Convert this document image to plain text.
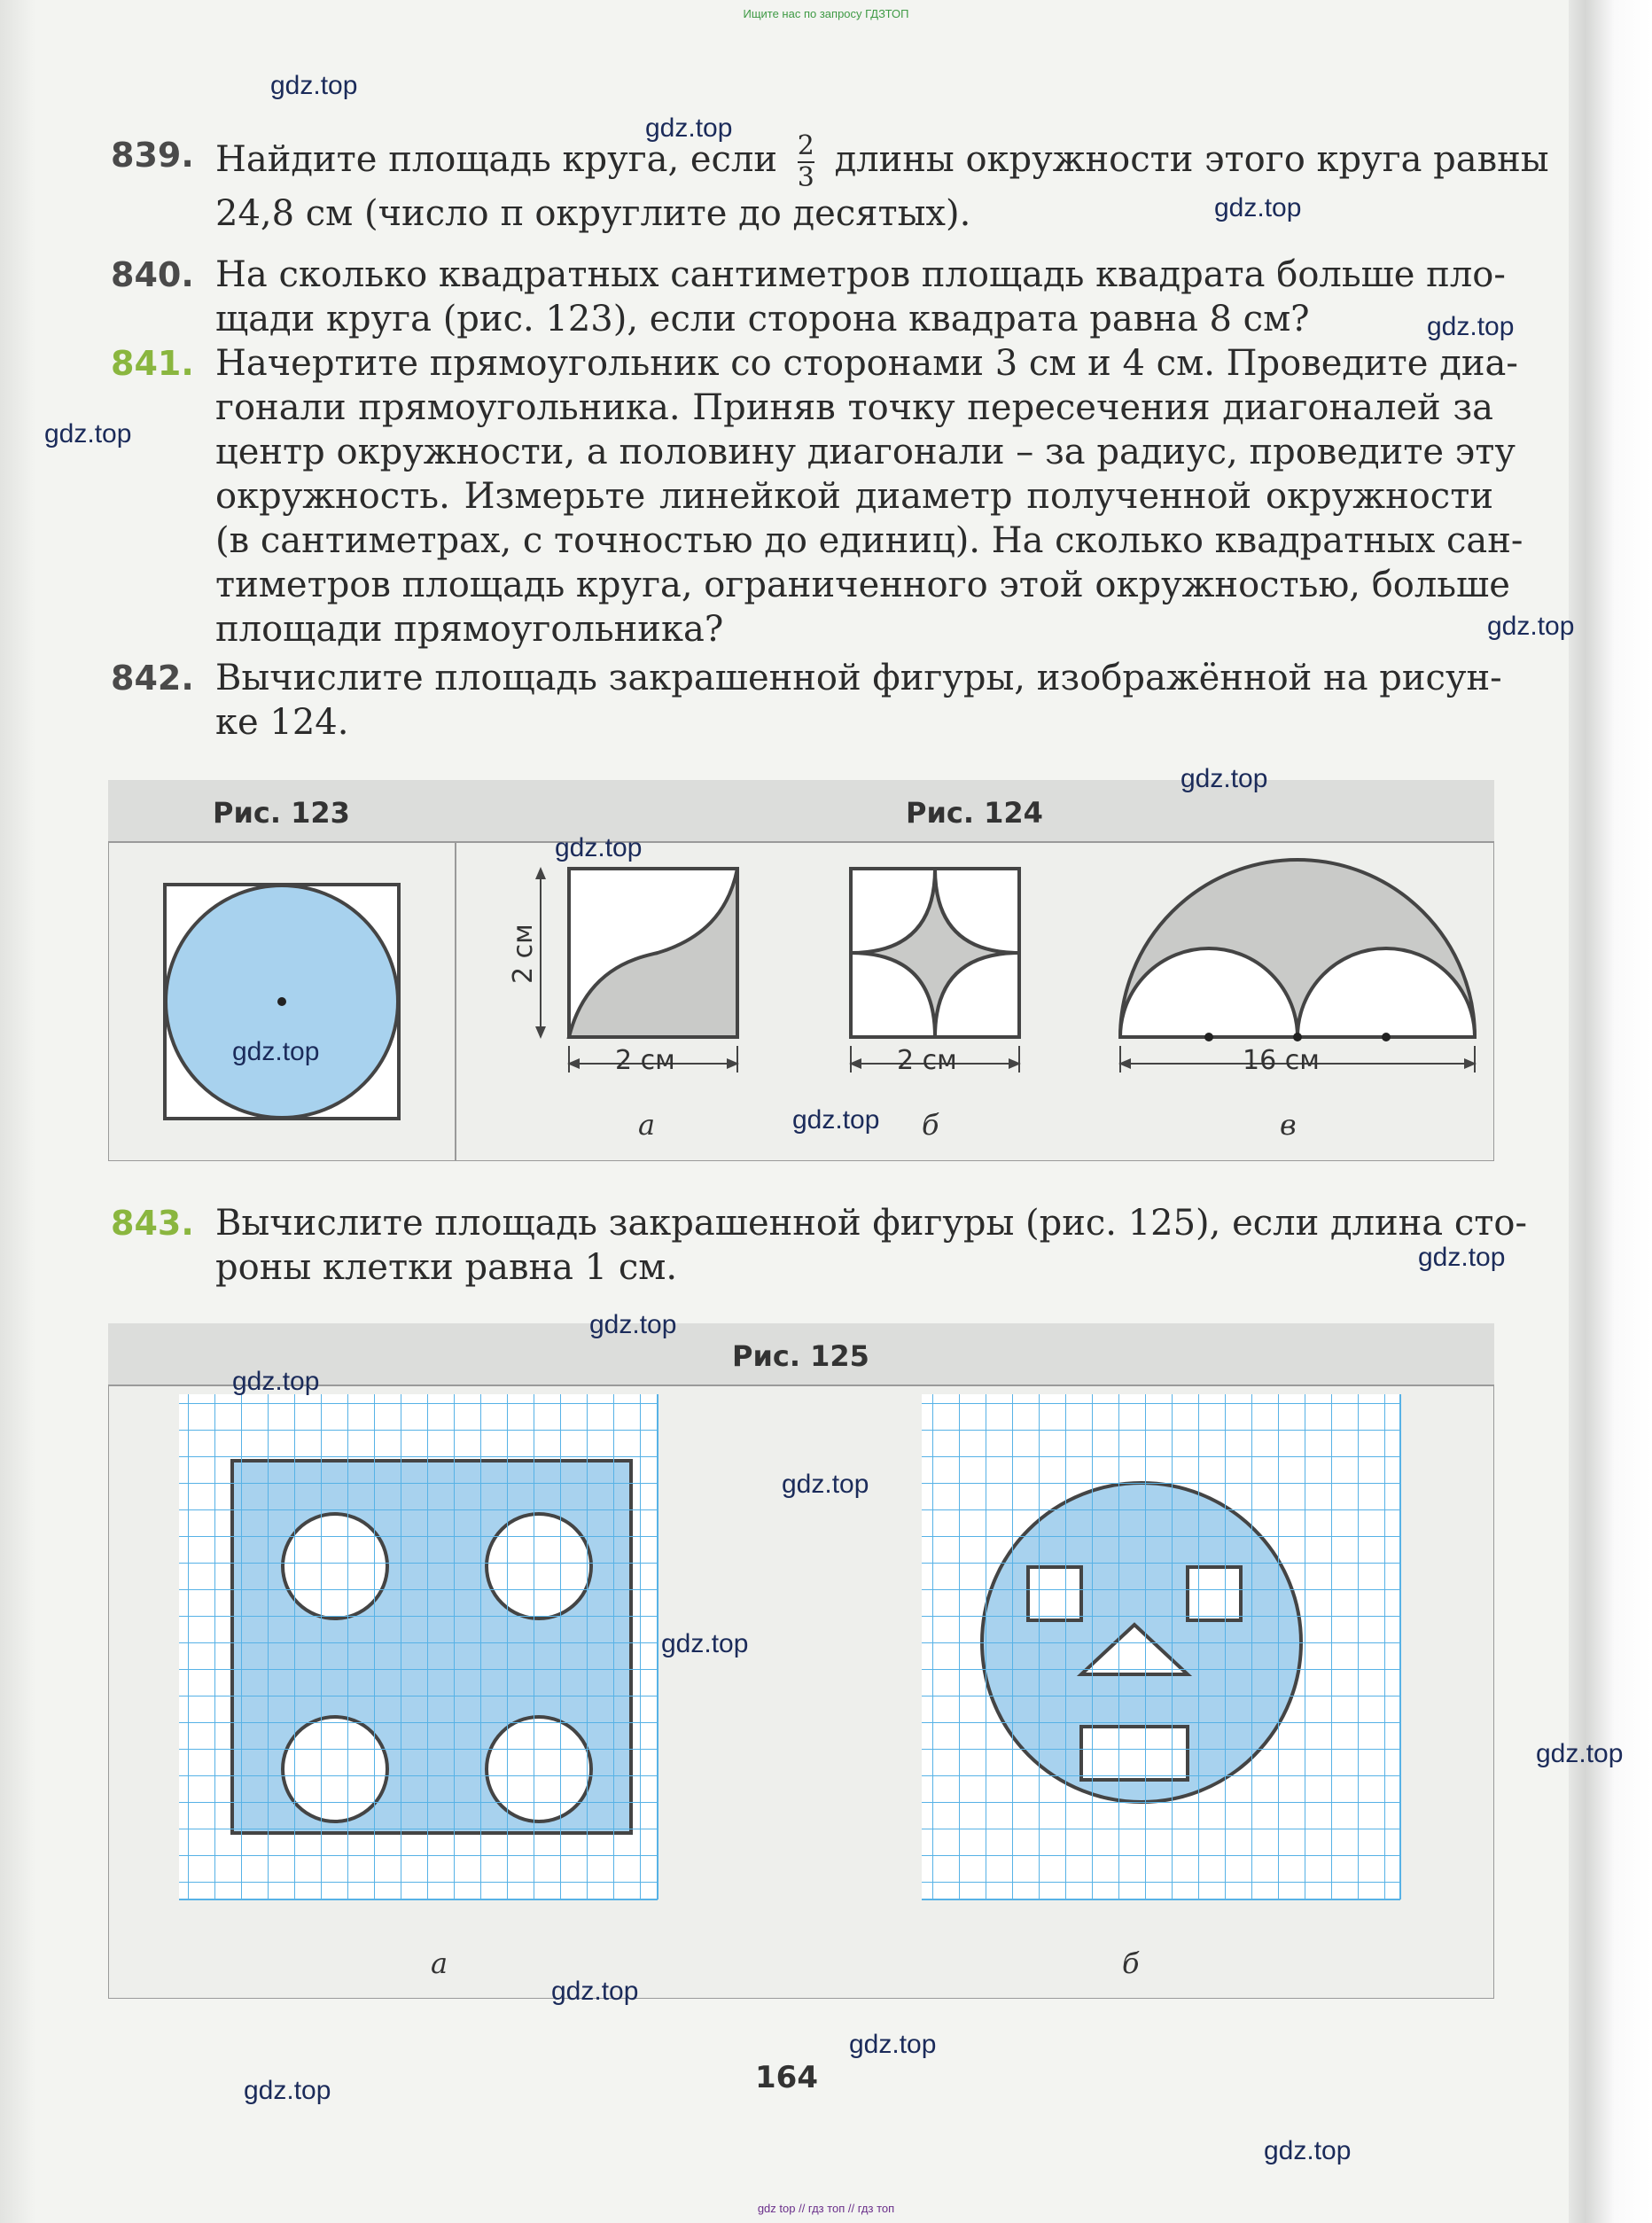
Ищите нас по запросу ГДЗТОП
839. Найдите площадь круга, если $\frac{2}{3}$ длины окружности этого круга равны
24,8 см (число π округлите до десятых).
840. На сколько квадратных сантиметров площадь квадрата больше пло-
щади круга (рис. 123), если сторона квадрата равна 8 см?
841. Начертите прямоугольник со сторонами 3 см и 4 см. Проведите диа-
гонали прямоугольника. Приняв точку пересечения диагоналей за
центр окружности, а половину диагонали – за радиус, проведите эту
окружность. Измерьте линейкой диаметр полученной окружности
(в сантиметрах, с точностью до единиц). На сколько квадратных сан-
тиметров площадь круга, ограниченного этой окружностью, больше
площади прямоугольника?
842. Вычислите площадь закрашенной фигуры, изображённой на рисун-
ке 124.
Рис. 123	Рис. 124
2 см
2 см
а
2 см
б
16 см
в
843. Вычислите площадь закрашенной фигуры (рис. 125), если длина сто-
роны клетки равна 1 см.
Рис. 125
а	б
164
gdz.top
gdz.top
gdz.top
gdz.top
gdz.top
gdz.top
gdz.top
gdz.top
gdz.top
gdz.top
gdz.top
gdz.top
gdz.top
gdz.top
gdz.top
gdz.top
gdz.top
gdz.top
gdz.top
gdz.top
gdz top // гдз топ // гдз топ
